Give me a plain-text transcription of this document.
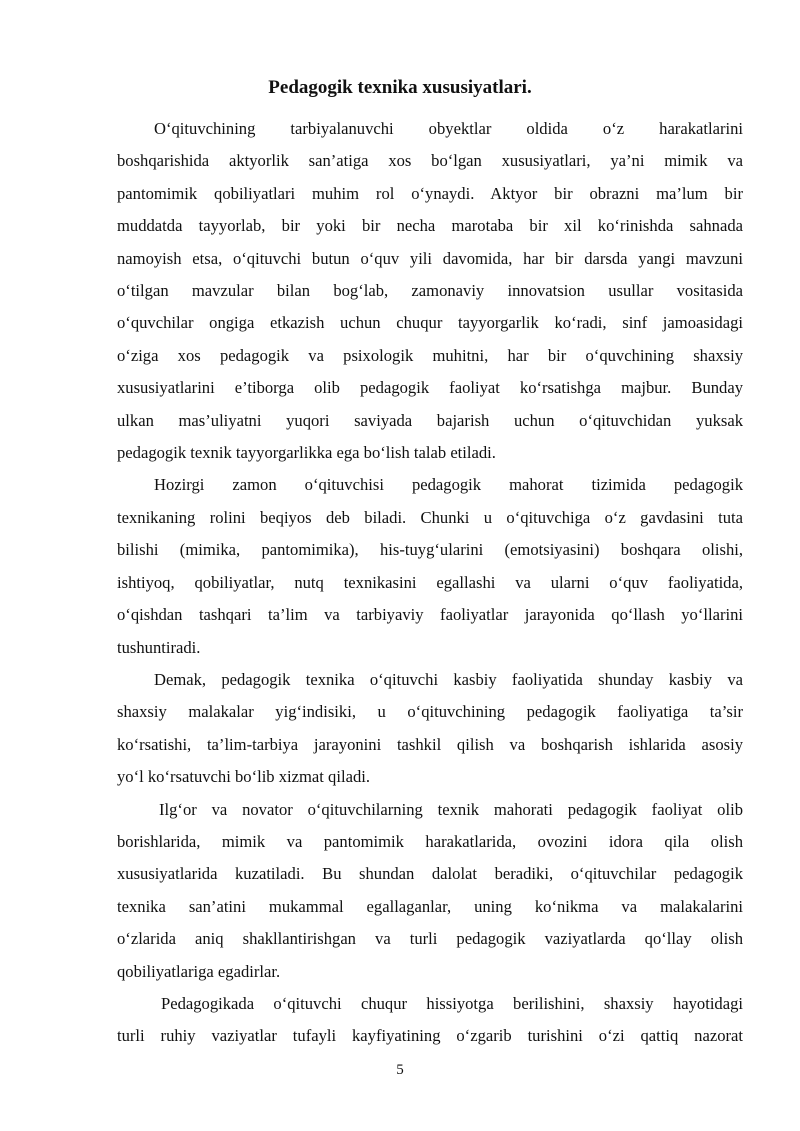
Pedagogik texnika xususiyatlari.

O‘qituvchining tarbiyalanuvchi obyektlar oldida o‘z harakatlarini
boshqarishida aktyorlik san’atiga xos bo‘lgan xususiyatlari, ya’ni mimik va
pantomimik qobiliyatlari muhim rol o‘ynaydi. Aktyor bir obrazni ma’lum bir
muddatda tayyorlab, bir yoki bir necha marotaba bir xil ko‘rinishda sahnada
namoyish etsa, o‘qituvchi butun o‘quv yili davomida, har bir darsda yangi mavzuni
o‘tilgan mavzular bilan bog‘lab, zamonaviy innovatsion usullar vositasida
o‘quvchilar ongiga etkazish uchun chuqur tayyorgarlik ko‘radi, sinf jamoasidagi
o‘ziga xos pedagogik va psixologik muhitni, har bir o‘quvchining shaxsiy
xususiyatlarini e’tiborga olib pedagogik faoliyat ko‘rsatishga majbur. Bunday
ulkan mas’uliyatni yuqori saviyada bajarish uchun o‘qituvchidan yuksak
pedagogik texnik tayyorgarlikka ega bo‘lish talab etiladi.

Hozirgi zamon o‘qituvchisi pedagogik mahorat tizimida pedagogik
texnikaning rolini beqiyos deb biladi. Chunki u o‘qituvchiga o‘z gavdasini tuta
bilishi (mimika, pantomimika), his-tuyg‘ularini (emotsiyasini) boshqara olishi,
ishtiyoq, qobiliyatlar, nutq texnikasini egallashi va ularni o‘quv faoliyatida,
o‘qishdan tashqari ta’lim va tarbiyaviy faoliyatlar jarayonida qo‘llash yo‘llarini
tushuntiradi.

Demak, pedagogik texnika o‘qituvchi kasbiy faoliyatida shunday kasbiy va
shaxsiy malakalar yig‘indisiki, u o‘qituvchining pedagogik faoliyatiga ta’sir
ko‘rsatishi, ta’lim-tarbiya jarayonini tashkil qilish va boshqarish ishlarida asosiy
yo‘l ko‘rsatuvchi bo‘lib xizmat qiladi.

Ilg‘or va novator o‘qituvchilarning texnik mahorati pedagogik faoliyat olib
borishlarida, mimik va pantomimik harakatlarida, ovozini idora qila olish
xususiyatlarida kuzatiladi. Bu shundan dalolat beradiki, o‘qituvchilar pedagogik
texnika san’atini mukammal egallaganlar, uning ko‘nikma va malakalarini
o‘zlarida aniq shakllantirishgan va turli pedagogik vaziyatlarda qo‘llay olish
qobiliyatlariga egadirlar.

Pedagogikada o‘qituvchi chuqur hissiyotga berilishini, shaxsiy hayotidagi
turli ruhiy vaziyatlar tufayli kayfiyatining o‘zgarib turishini o‘zi qattiq nazorat

5
